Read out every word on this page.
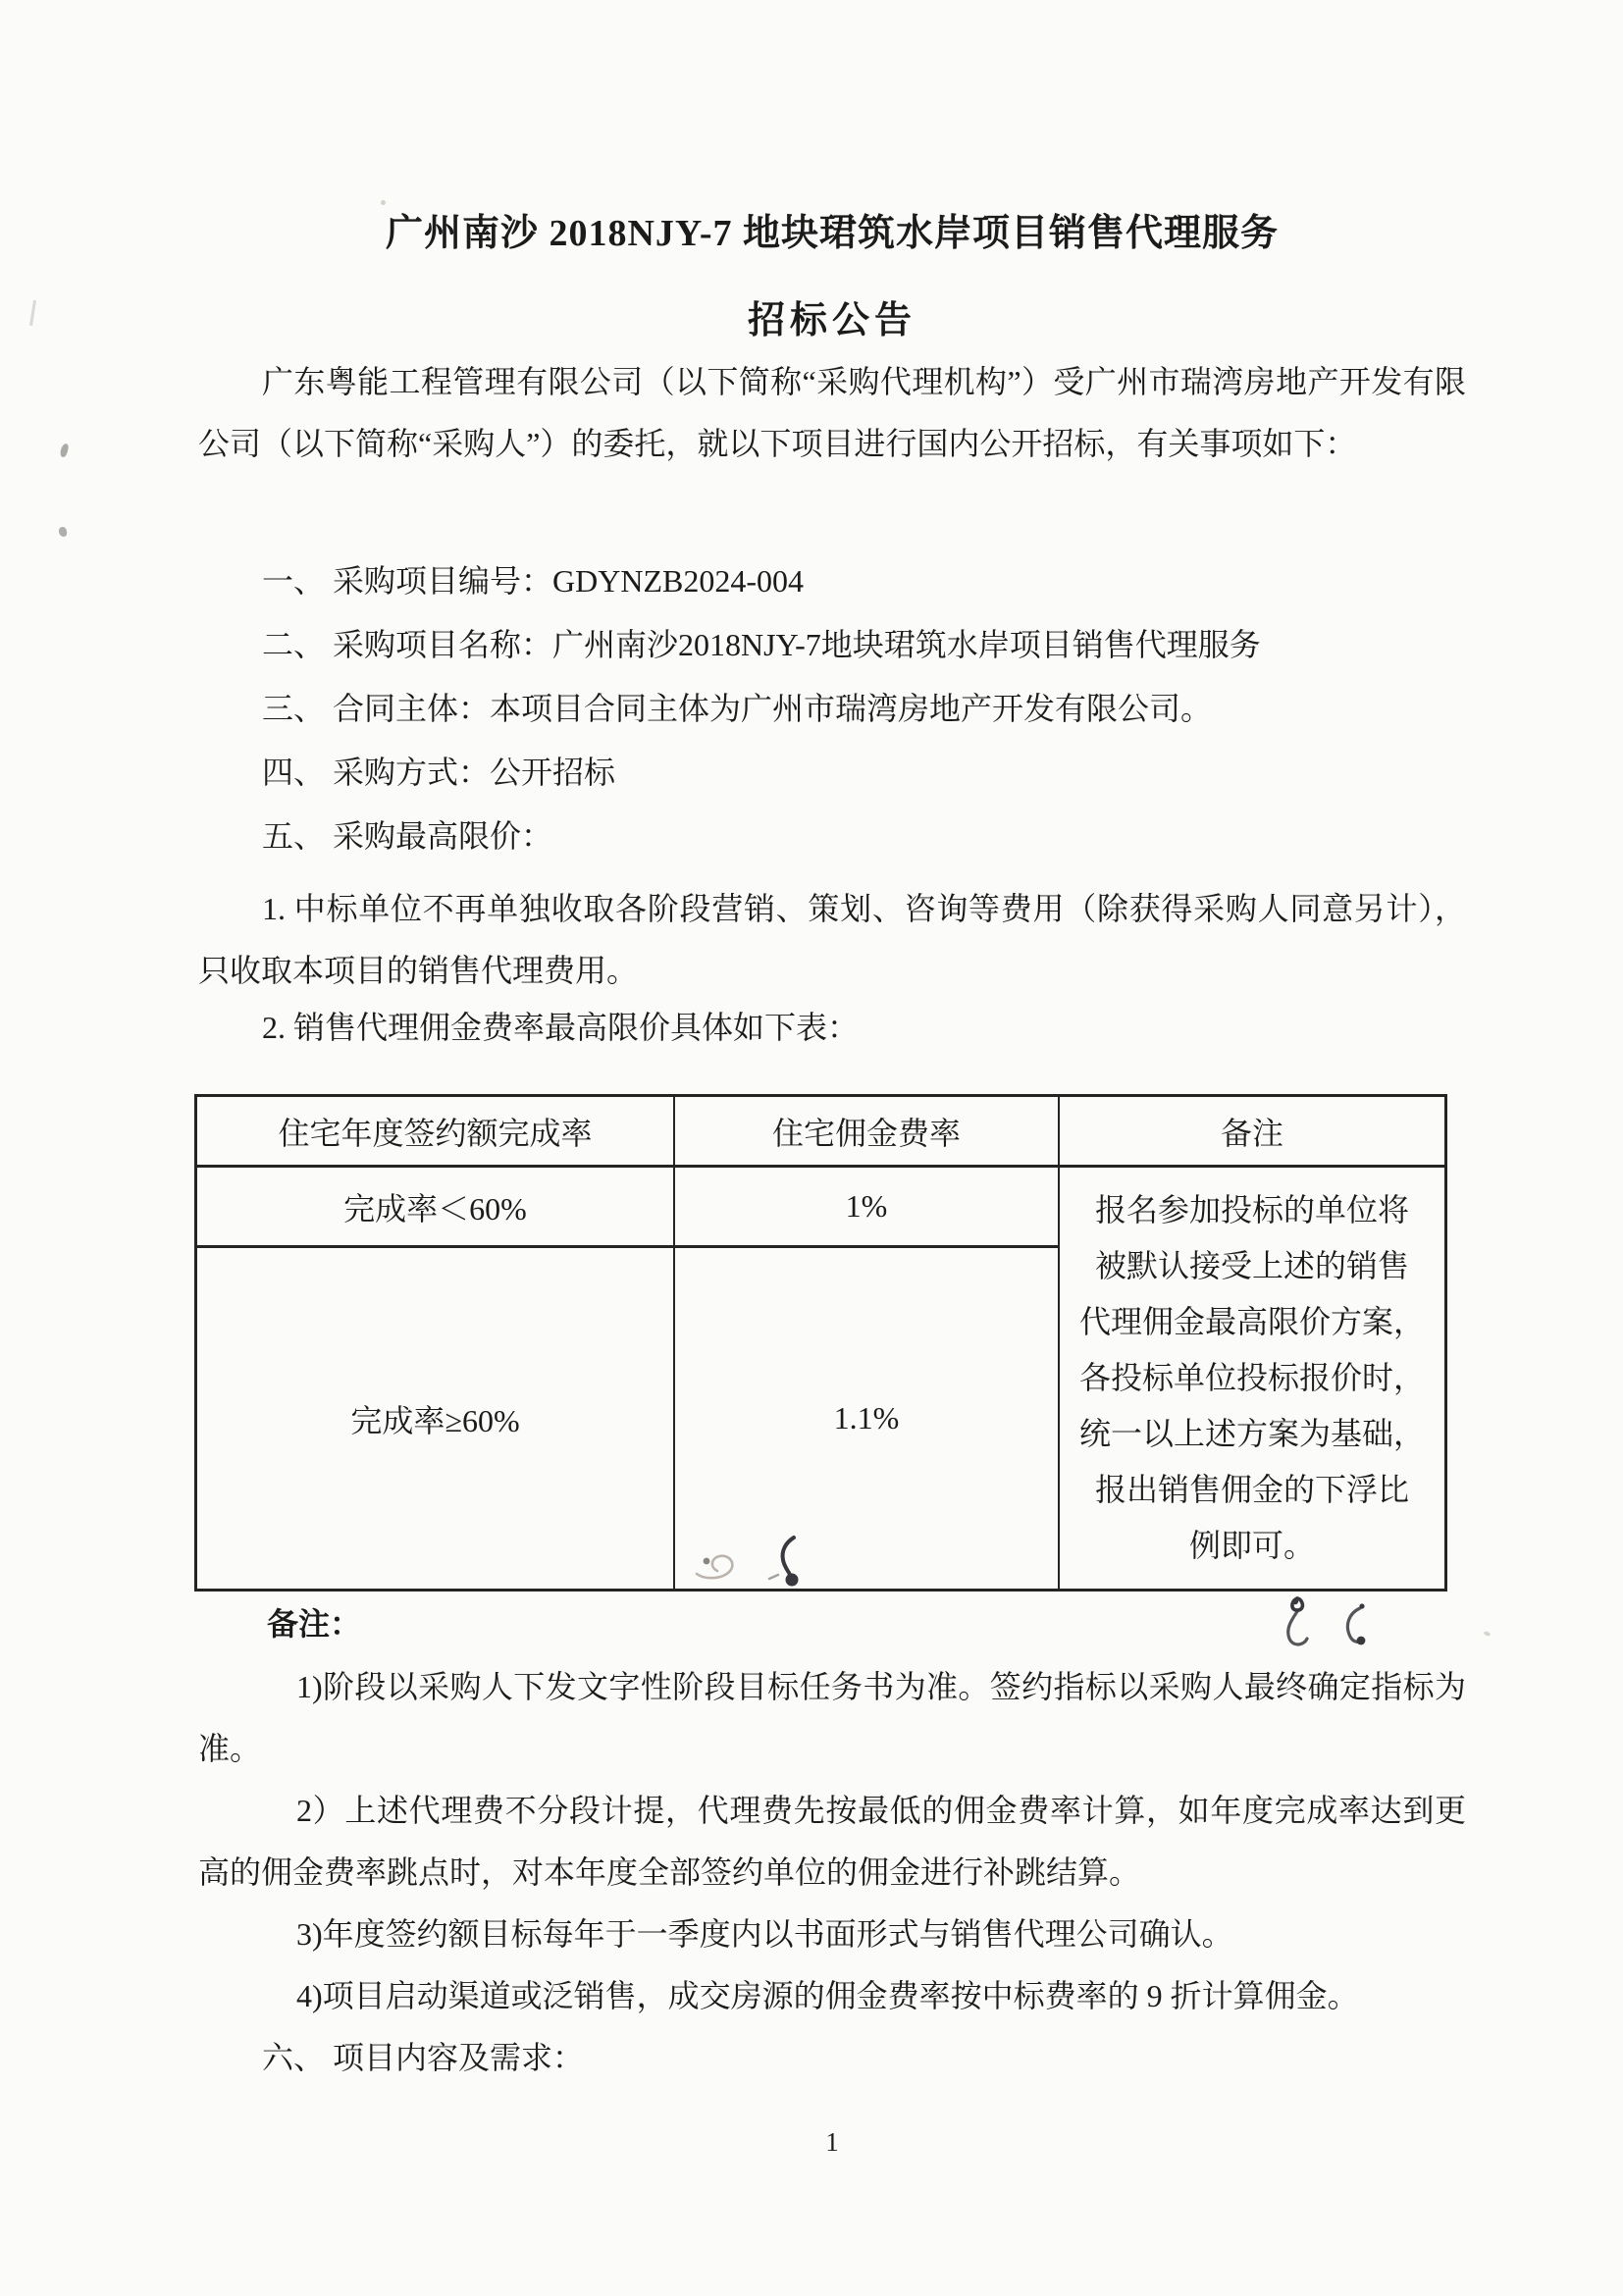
广州南沙 2018NJY-7 地块珺筑水岸项目销售代理服务
招标公告

广东粤能工程管理有限公司（以下简称“采购代理机构”）受广州市瑞湾房地产开发有限公司（以下简称“采购人”）的委托，就以下项目进行国内公开招标，有关事项如下：

一、 采购项目编号：GDYNZB2024-004
二、 采购项目名称：广州南沙2018NJY-7地块珺筑水岸项目销售代理服务
三、 合同主体：本项目合同主体为广州市瑞湾房地产开发有限公司。
四、 采购方式：公开招标
五、 采购最高限价：
1. 中标单位不再单独收取各阶段营销、策划、咨询等费用（除获得采购人同意另计），只收取本项目的销售代理费用。
2. 销售代理佣金费率最高限价具体如下表：
住宅年度签约额完成率	住宅佣金费率	备注
完成率＜60%	1%
完成率≥60%	1.1%
报名参加投标的单位将
被默认接受上述的销售
代理佣金最高限价方案，
各投标单位投标报价时，
统一以上述方案为基础，
报出销售佣金的下浮比
例即可。
备注：
1)阶段以采购人下发文字性阶段目标任务书为准。签约指标以采购人最终确定指标为准。
2）上述代理费不分段计提，代理费先按最低的佣金费率计算，如年度完成率达到更高的佣金费率跳点时，对本年度全部签约单位的佣金进行补跳结算。
3)年度签约额目标每年于一季度内以书面形式与销售代理公司确认。
4)项目启动渠道或泛销售，成交房源的佣金费率按中标费率的 9 折计算佣金。
六、 项目内容及需求：
1
